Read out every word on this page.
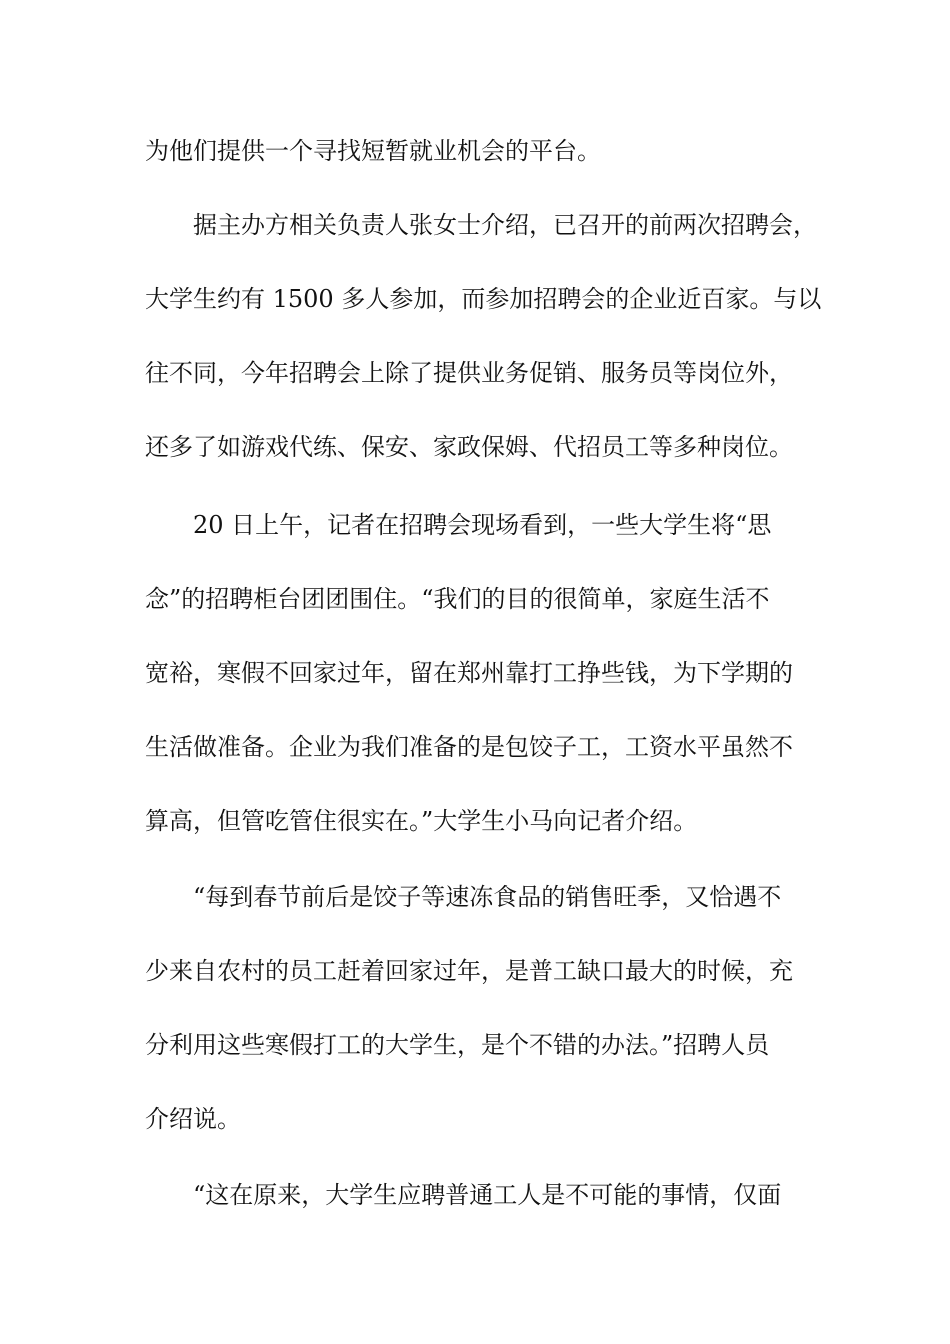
为他们提供一个寻找短暂就业机会的平台。
据主办方相关负责人张女士介绍，已召开的前两次招聘会，
大学生约有 1500 多人参加，而参加招聘会的企业近百家。与以
往不同，今年招聘会上除了提供业务促销、服务员等岗位外，
还多了如游戏代练、保安、家政保姆、代招员工等多种岗位。
20 日上午，记者在招聘会现场看到，一些大学生将“思
念”的招聘柜台团团围住。“我们的目的很简单，家庭生活不
宽裕，寒假不回家过年，留在郑州靠打工挣些钱，为下学期的
生活做准备。企业为我们准备的是包饺子工，工资水平虽然不
算高，但管吃管住很实在。”大学生小马向记者介绍。
“每到春节前后是饺子等速冻食品的销售旺季，又恰遇不
少来自农村的员工赶着回家过年，是普工缺口最大的时候，充
分利用这些寒假打工的大学生，是个不错的办法。”招聘人员
介绍说。
“这在原来，大学生应聘普通工人是不可能的事情，仅面
